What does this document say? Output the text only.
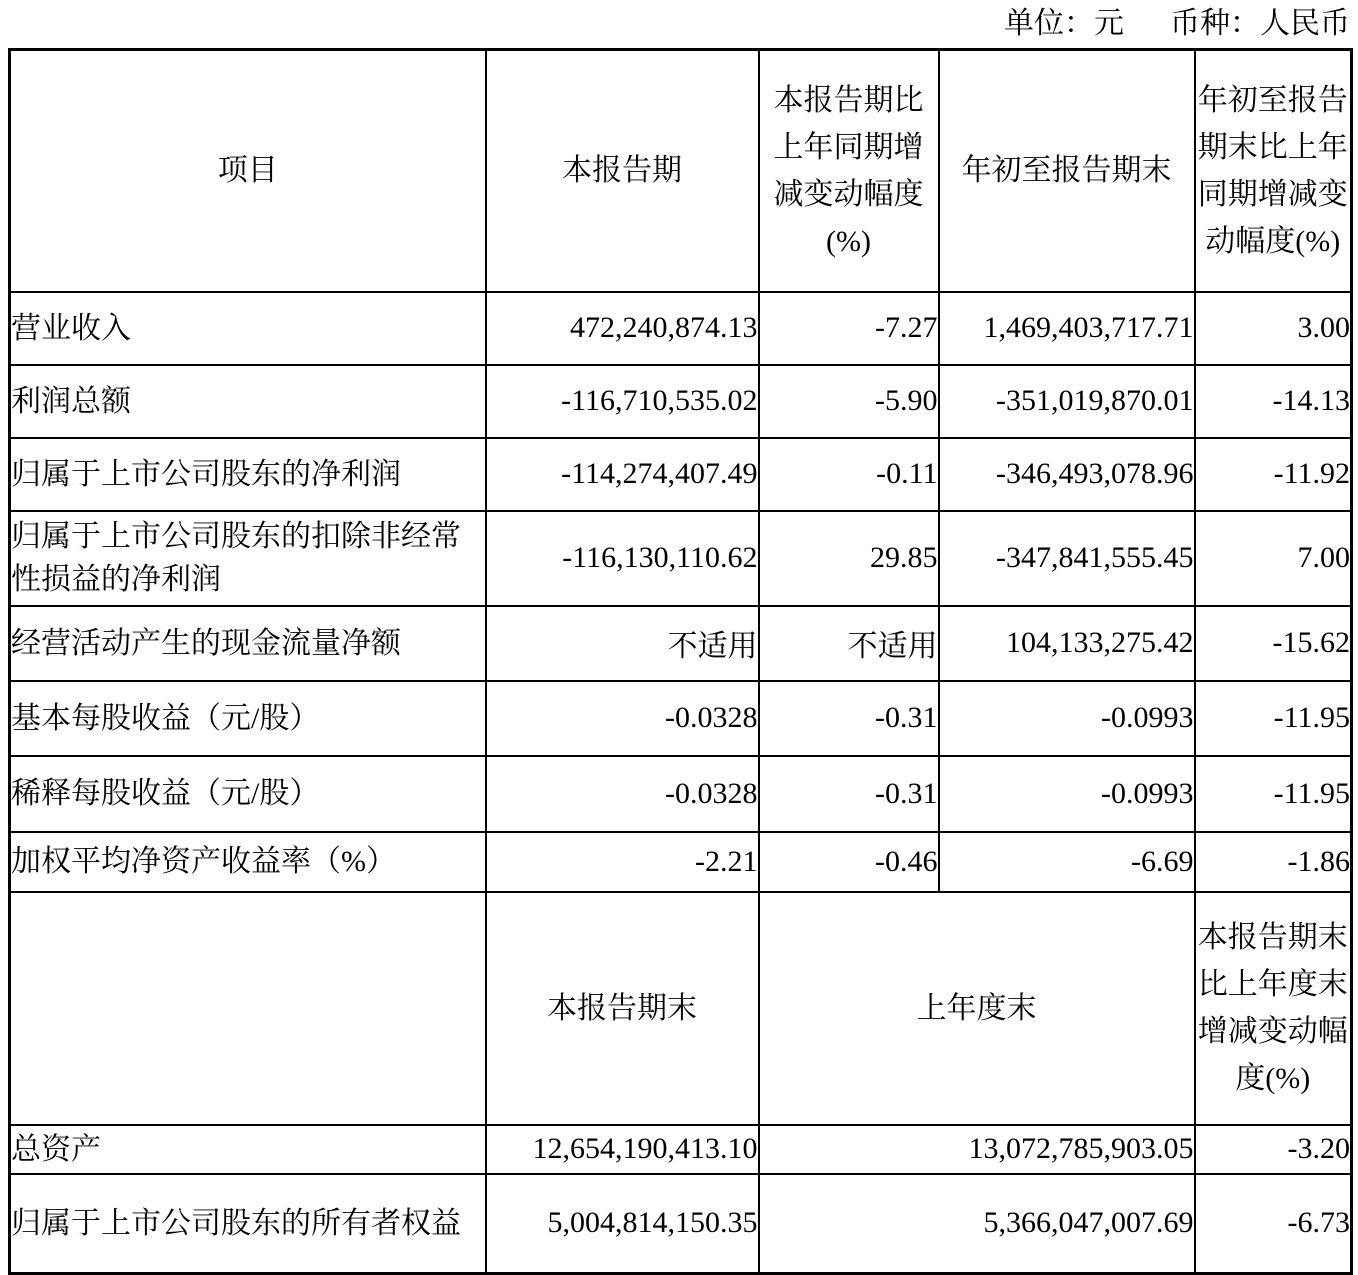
单位：元 币种：人民币
项目	本报告期	本报告期比上年同期增减变动幅度(%)	年初至报告期末	年初至报告期末比上年同期增减变动幅度(%)
营业收入	472,240,874.13	-7.27	1,469,403,717.71	3.00
利润总额	-116,710,535.02	-5.90	-351,019,870.01	-14.13
归属于上市公司股东的净利润	-114,274,407.49	-0.11	-346,493,078.96	-11.92
归属于上市公司股东的扣除非经常性损益的净利润	-116,130,110.62	29.85	-347,841,555.45	7.00
经营活动产生的现金流量净额	不适用	不适用	104,133,275.42	-15.62
基本每股收益（元/股）	-0.0328	-0.31	-0.0993	-11.95
稀释每股收益（元/股）	-0.0328	-0.31	-0.0993	-11.95
加权平均净资产收益率（%）	-2.21	-0.46	-6.69	-1.86
	本报告期末	上年度末		本报告期末比上年度末增减变动幅度(%)
总资产	12,654,190,413.10	13,072,785,903.05		-3.20
归属于上市公司股东的所有者权益	5,004,814,150.35	5,366,047,007.69		-6.73
